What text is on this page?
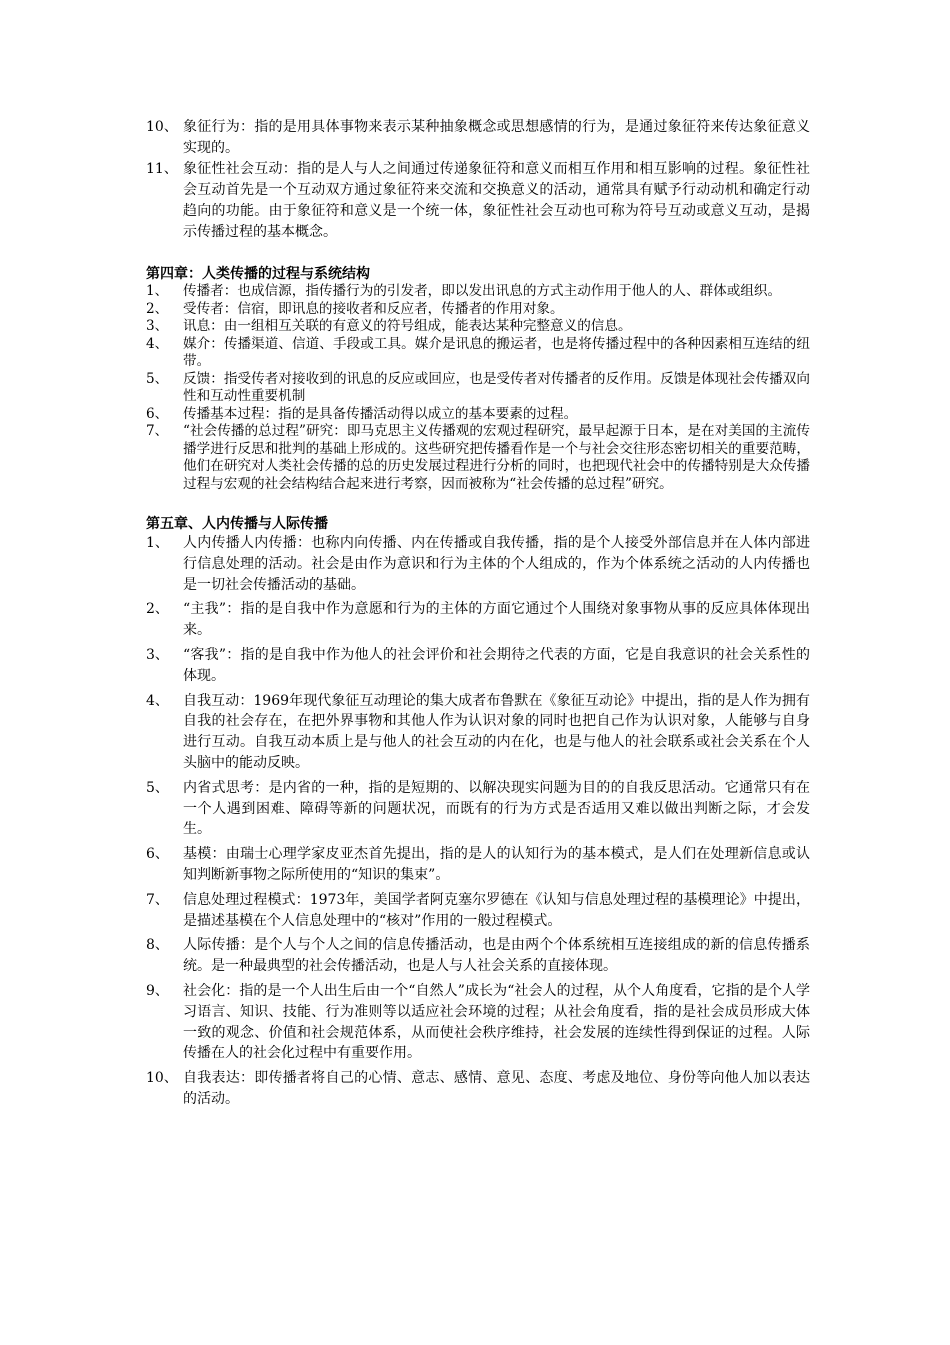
10、 象征行为：指的是用具体事物来表示某种抽象概念或思想感情的行为，是通过象征符来传达象征意义实现的。
11、 象征性社会互动：指的是人与人之间通过传递象征符和意义而相互作用和相互影响的过程。象征性社会互动首先是一个互动双方通过象征符来交流和交换意义的活动，通常具有赋予行动动机和确定行动趋向的功能。由于象征符和意义是一个统一体，象征性社会互动也可称为符号互动或意义互动，是揭示传播过程的基本概念。
第四章：人类传播的过程与系统结构
1、	传播者：也成信源，指传播行为的引发者，即以发出讯息的方式主动作用于他人的人、群体或组织。
2、	受传者：信宿，即讯息的接收者和反应者，传播者的作用对象。
3、	讯息：由一组相互关联的有意义的符号组成，能表达某种完整意义的信息。
4、	媒介：传播渠道、信道、手段或工具。媒介是讯息的搬运者，也是将传播过程中的各种因素相互连结的纽带。
5、	反馈：指受传者对接收到的讯息的反应或回应，也是受传者对传播者的反作用。反馈是体现社会传播双向性和互动性重要机制
6、	传播基本过程：指的是具备传播活动得以成立的基本要素的过程。
7、	“社会传播的总过程”研究：即马克思主义传播观的宏观过程研究，最早起源于日本，是在对美国的主流传播学进行反思和批判的基础上形成的。这些研究把传播看作是一个与社会交往形态密切相关的重要范畴，他们在研究对人类社会传播的总的历史发展过程进行分析的同时，也把现代社会中的传播特别是大众传播过程与宏观的社会结构结合起来进行考察，因而被称为“社会传播的总过程”研究。
第五章、人内传播与人际传播
1、	人内传播人内传播：也称内向传播、内在传播或自我传播，指的是个人接受外部信息并在人体内部进行信息处理的活动。社会是由作为意识和行为主体的个人组成的，作为个体系统之活动的人内传播也是一切社会传播活动的基础。
2、	“主我”：指的是自我中作为意愿和行为的主体的方面它通过个人围绕对象事物从事的反应具体体现出来。
3、	“客我”：指的是自我中作为他人的社会评价和社会期待之代表的方面，它是自我意识的社会关系性的体现。
4、	自我互动：1969年现代象征互动理论的集大成者布鲁默在《象征互动论》中提出，指的是人作为拥有自我的社会存在，在把外界事物和其他人作为认识对象的同时也把自己作为认识对象，人能够与自身进行互动。自我互动本质上是与他人的社会互动的内在化，也是与他人的社会联系或社会关系在个人头脑中的能动反映。
5、	内省式思考：是内省的一种，指的是短期的、以解决现实问题为目的的自我反思活动。它通常只有在一个人遇到困难、障碍等新的问题状况，而既有的行为方式是否适用又难以做出判断之际，才会发生。
6、	基模：由瑞士心理学家皮亚杰首先提出，指的是人的认知行为的基本模式，是人们在处理新信息或认知判断新事物之际所使用的“知识的集束”。
7、	信息处理过程模式：1973年，美国学者阿克塞尔罗德在《认知与信息处理过程的基模理论》中提出，是描述基模在个人信息处理中的“核对”作用的一般过程模式。
8、	人际传播：是个人与个人之间的信息传播活动，也是由两个个体系统相互连接组成的新的信息传播系统。是一种最典型的社会传播活动，也是人与人社会关系的直接体现。
9、	社会化：指的是一个人出生后由一个“自然人”成长为“社会人的过程，从个人角度看，它指的是个人学习语言、知识、技能、行为准则等以适应社会环境的过程；从社会角度看，指的是社会成员形成大体一致的观念、价值和社会规范体系，从而使社会秩序维持，社会发展的连续性得到保证的过程。人际传播在人的社会化过程中有重要作用。
10、 自我表达：即传播者将自己的心情、意志、感情、意见、态度、考虑及地位、身份等向他人加以表达的活动。
